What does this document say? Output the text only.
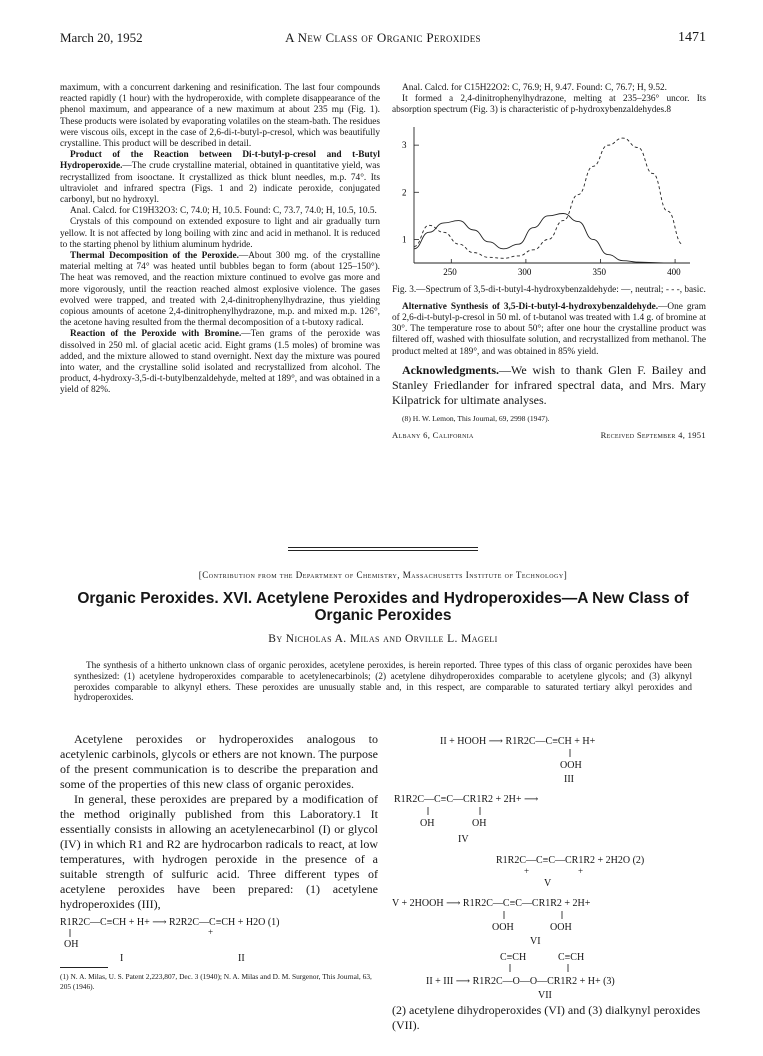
March 20, 1952	A New Class of Organic Peroxides	1471

maximum, with a concurrent darkening and resinification. The last four compounds reacted rapidly (1 hour) with the hydroperoxide, with complete disappearance of the phenol maximum, and appearance of a new maximum at about 235 mμ (Fig. 1). These products were isolated by evaporating volatiles on the steam-bath. The residues were viscous oils, except in the case of 2,6-di-t-butyl-p-cresol, which was beautifully crystalline. This product will be described in detail.

Product of the Reaction between Di-t-butyl-p-cresol and t-Butyl Hydroperoxide.—The crude crystalline material, obtained in quantitative yield, was recrystallized from isooctane. It crystallized as thick blunt needles, m.p. 74°. Its ultraviolet and infrared spectra (Figs. 1 and 2) indicate peroxide, conjugated carbonyl, but no hydroxyl.

Anal. Calcd. for C19H32O3: C, 74.0; H, 10.5. Found: C, 73.7, 74.0; H, 10.5, 10.5.

Crystals of this compound on extended exposure to light and air gradually turn yellow. It is not affected by long boiling with zinc and acid in methanol. It is reduced to the starting phenol by lithium aluminum hydride.

Thermal Decomposition of the Peroxide.—About 300 mg. of the crystalline material melting at 74° was heated until bubbles began to form (about 125–150°). The heat was removed, and the reaction mixture continued to evolve gas more and more vigorously, until the reaction reached almost explosive violence. The gases evolved were trapped, and treated with 2,4-dinitrophenylhydrazine, thus yielding copious amounts of acetone 2,4-dinitrophenylhydrazone, m.p. and mixed m.p. 126°, the acetone having resulted from the thermal decomposition of a t-butoxy radical.

Reaction of the Peroxide with Bromine.—Ten grams of the peroxide was dissolved in 250 ml. of glacial acetic acid. Eight grams (1.5 moles) of bromine was added, and the mixture allowed to stand overnight. Next day the mixture was poured into water, and the crystalline solid isolated and recrystallized from alcohol. The product, 4-hydroxy-3,5-di-t-butylbenzaldehyde, melted at 189°, and was obtained in a yield of 82%.

Anal. Calcd. for C15H22O2: C, 76.9; H, 9.47. Found: C, 76.7; H, 9.52.

It formed a 2,4-dinitrophenylhydrazone, melting at 235–236° uncor. Its absorption spectrum (Fig. 3) is characteristic of p-hydroxybenzaldehydes.8

1
2
3
250	300	350	400

Fig. 3.—Spectrum of 3,5-di-t-butyl-4-hydroxybenzaldehyde: —, neutral; - - -, basic.

Alternative Synthesis of 3,5-Di-t-butyl-4-hydroxybenzaldehyde.—One gram of 2,6-di-t-butyl-p-cresol in 50 ml. of t-butanol was treated with 1.4 g. of bromine at 30°. The temperature rose to about 50°; after one hour the crystalline product was filtered off, washed with thiosulfate solution, and recrystallized from methanol. The product melted at 189°, and was obtained in 85% yield.

Acknowledgments.—We wish to thank Glen F. Bailey and Stanley Friedlander for infrared spectral data, and Mrs. Mary Kilpatrick for ultimate analyses.

(8) H. W. Lemon, This Journal, 69, 2998 (1947).

Albany 6, California	Received September 4, 1951
[Contribution from the Department of Chemistry, Massachusetts Institute of Technology]
Organic Peroxides. XVI. Acetylene Peroxides and Hydroperoxides—A New Class of Organic Peroxides
By Nicholas A. Milas and Orville L. Mageli
The synthesis of a hitherto unknown class of organic peroxides, acetylene peroxides, is herein reported. Three types of this class of organic peroxides have been synthesized: (1) acetylene hydroperoxides comparable to acetylenecarbinols; (2) acetylene dihydroperoxides comparable to acetylene glycols; and (3) alkynyl peroxides comparable to alkynyl ethers. These peroxides are unusually stable and, in this respect, are comparable to saturated tertiary alkyl peroxides and hydroperoxides.

Acetylene peroxides or hydroperoxides analogous to acetylenic carbinols, glycols or ethers are not known. The purpose of the present communication is to describe the preparation and some of the properties of this new class of organic peroxides.

In general, these peroxides are prepared by a modification of the method originally published from this Laboratory.1 It essentially consists in allowing an acetylenecarbinol (I) or glycol (IV) in which R1 and R2 are hydrocarbon radicals to react, at low temperatures, with hydrogen peroxide in the presence of a suitable strength of sulfuric acid. Three different types of acetylene peroxides have been prepared: (1) acetylene hydroperoxides (III),

R1R2C—C≡CH + H+ ⟶ R2R2C—C≡CH + H2O (1)
OH
+
I	II
(1) N. A. Milas, U. S. Patent 2,223,807, Dec. 3 (1940); N. A. Milas and D. M. Surgenor, This Journal, 63, 205 (1946).
II + HOOH ⟶ R1R2C—C≡CH + H+
OOH
III
R1R2C—C≡C—CR1R2 + 2H+ ⟶
OH	OH
IV
R1R2C—C≡C—CR1R2 + 2H2O (2)
+	+
V
V + 2HOOH ⟶ R1R2C—C≡C—CR1R2 + 2H+
OOH	OOH
VI
C≡CH	C≡CH
II + III ⟶ R1R2C—O—O—CR1R2 + H+ (3)
VII
(2) acetylene dihydroperoxides (VI) and (3) dialkynyl peroxides (VII).
